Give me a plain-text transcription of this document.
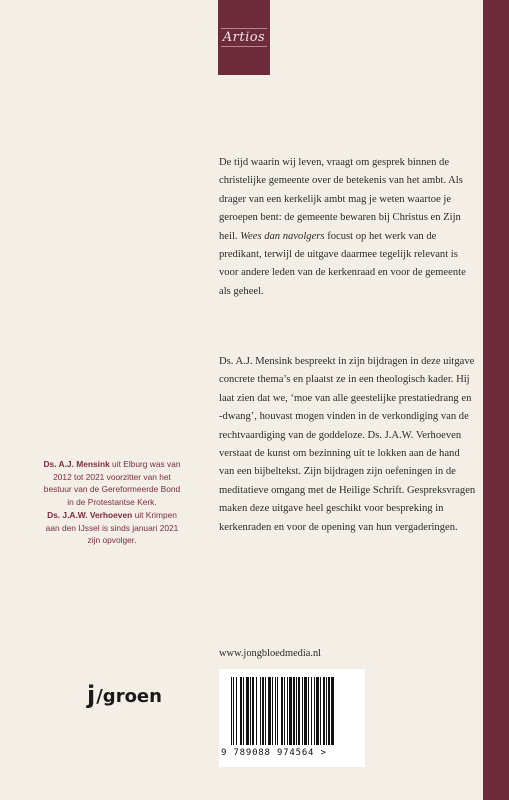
Artios

De tijd waarin wij leven, vraagt om gesprek binnen de christelijke gemeente over de betekenis van het ambt. Als drager van een kerkelijk ambt mag je weten waartoe je geroepen bent: de gemeente bewaren bij Christus en Zijn heil. Wees dan navolgers focust op het werk van de predikant, terwijl de uitgave daarmee tegelijk relevant is voor andere leden van de kerkenraad en voor de gemeente als geheel.

Ds. A.J. Mensink bespreekt in zijn bijdragen in deze uitgave concrete thema’s en plaatst ze in een theologisch kader. Hij laat zien dat we, ‘moe van alle geestelijke prestatiedrang en -dwang’, houvast mogen vinden in de verkondiging van de rechtvaardiging van de goddeloze. Ds. J.A.W. Verhoeven verstaat de kunst om bezinning uit te lokken aan de hand van een bijbeltekst. Zijn bijdragen zijn oefeningen in de meditatieve omgang met de Heilige Schrift. Gespreksvragen maken deze uitgave heel geschikt voor bespreking in kerkenraden en voor de opening van hun vergaderingen.

Ds. A.J. Mensink uit Elburg was van 2012 tot 2021 voorzitter van het bestuur van de Gereformeerde Bond in de Protestantse Kerk.
Ds. J.A.W. Verhoeven uit Krimpen aan den IJssel is sinds januari 2021 zijn opvolger.
www.jongbloedmedia.nl
9 789088 974564 >
j /groen
